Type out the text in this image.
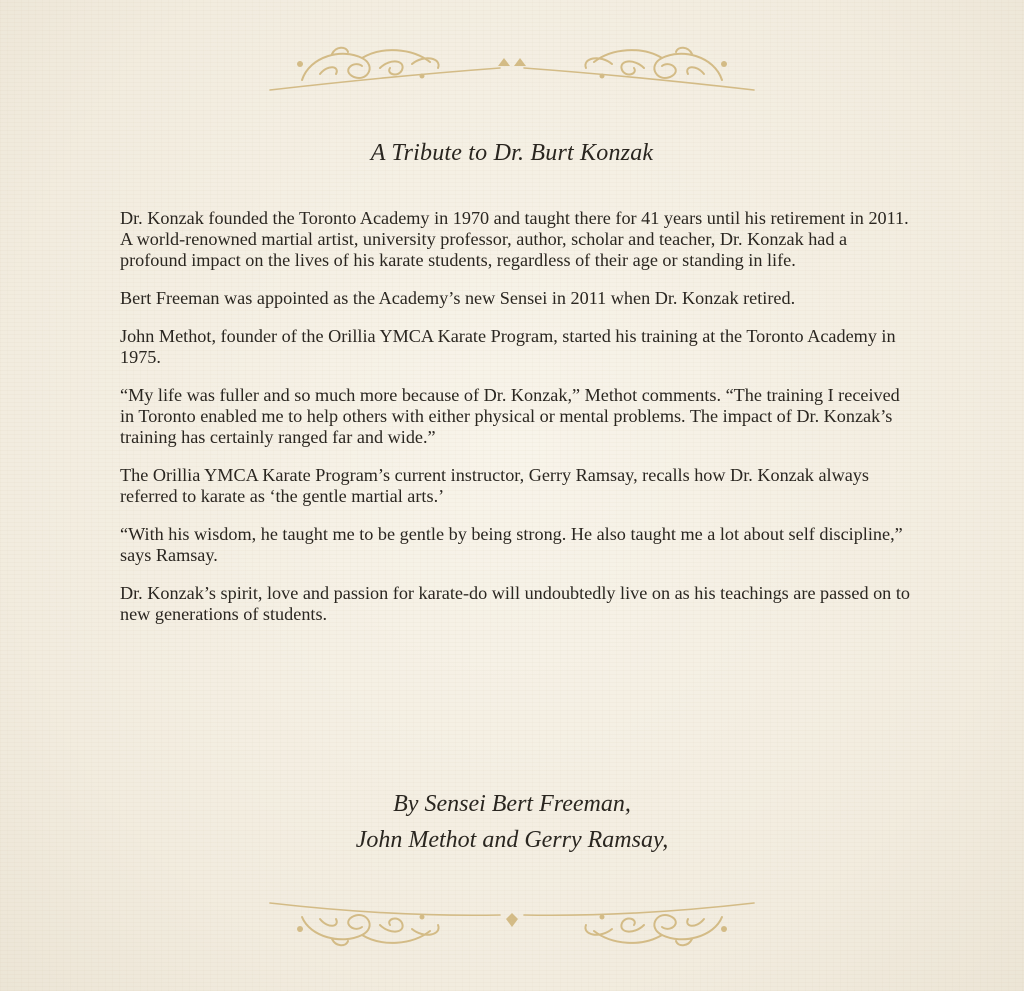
A Tribute to Dr. Burt Konzak

Dr. Konzak founded the Toronto Academy in 1970 and taught there for 41 years until his retirement in 2011. A world-renowned martial artist, university professor, author, scholar and teacher, Dr. Konzak had a profound impact on the lives of his karate students, regardless of their age or standing in life.

Bert Freeman was appointed as the Academy’s new Sensei in 2011 when Dr. Konzak retired.

John Methot, founder of the Orillia YMCA Karate Program, started his training at the Toronto Academy in 1975.

“My life was fuller and so much more because of Dr. Konzak,” Methot comments. “The training I received in Toronto enabled me to help others with either physical or mental problems. The impact of Dr. Konzak’s training has certainly ranged far and wide.”

The Orillia YMCA Karate Program’s current instructor, Gerry Ramsay, recalls how Dr. Konzak always referred to karate as ‘the gentle martial arts.’

“With his wisdom, he taught me to be gentle by being strong. He also taught me a lot about self discipline,” says Ramsay.

Dr. Konzak’s spirit, love and passion for karate-do will undoubtedly live on as his teachings are passed on to new generations of students.

By Sensei Bert Freeman,
John Methot and Gerry Ramsay,
